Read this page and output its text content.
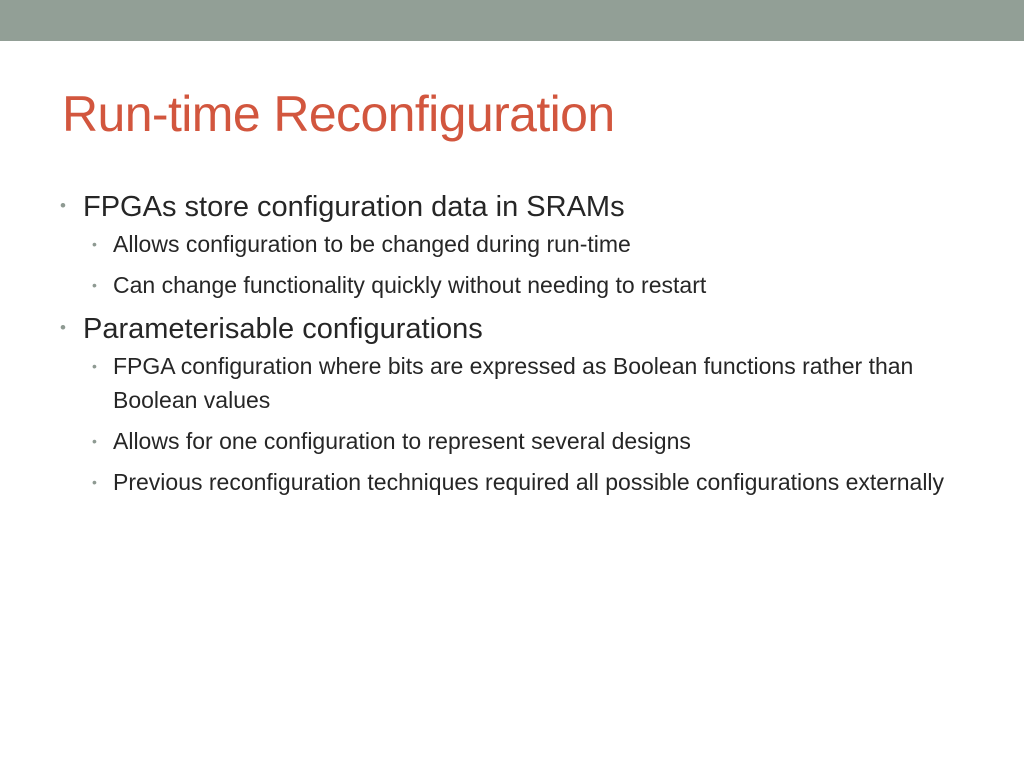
Run-time Reconfiguration
• FPGAs store configuration data in SRAMs
• Allows configuration to be changed during run-time
• Can change functionality quickly without needing to restart
• Parameterisable configurations
• FPGA configuration where bits are expressed as Boolean functions rather than Boolean values
• Allows for one configuration to represent several designs
• Previous reconfiguration techniques required all possible configurations externally
